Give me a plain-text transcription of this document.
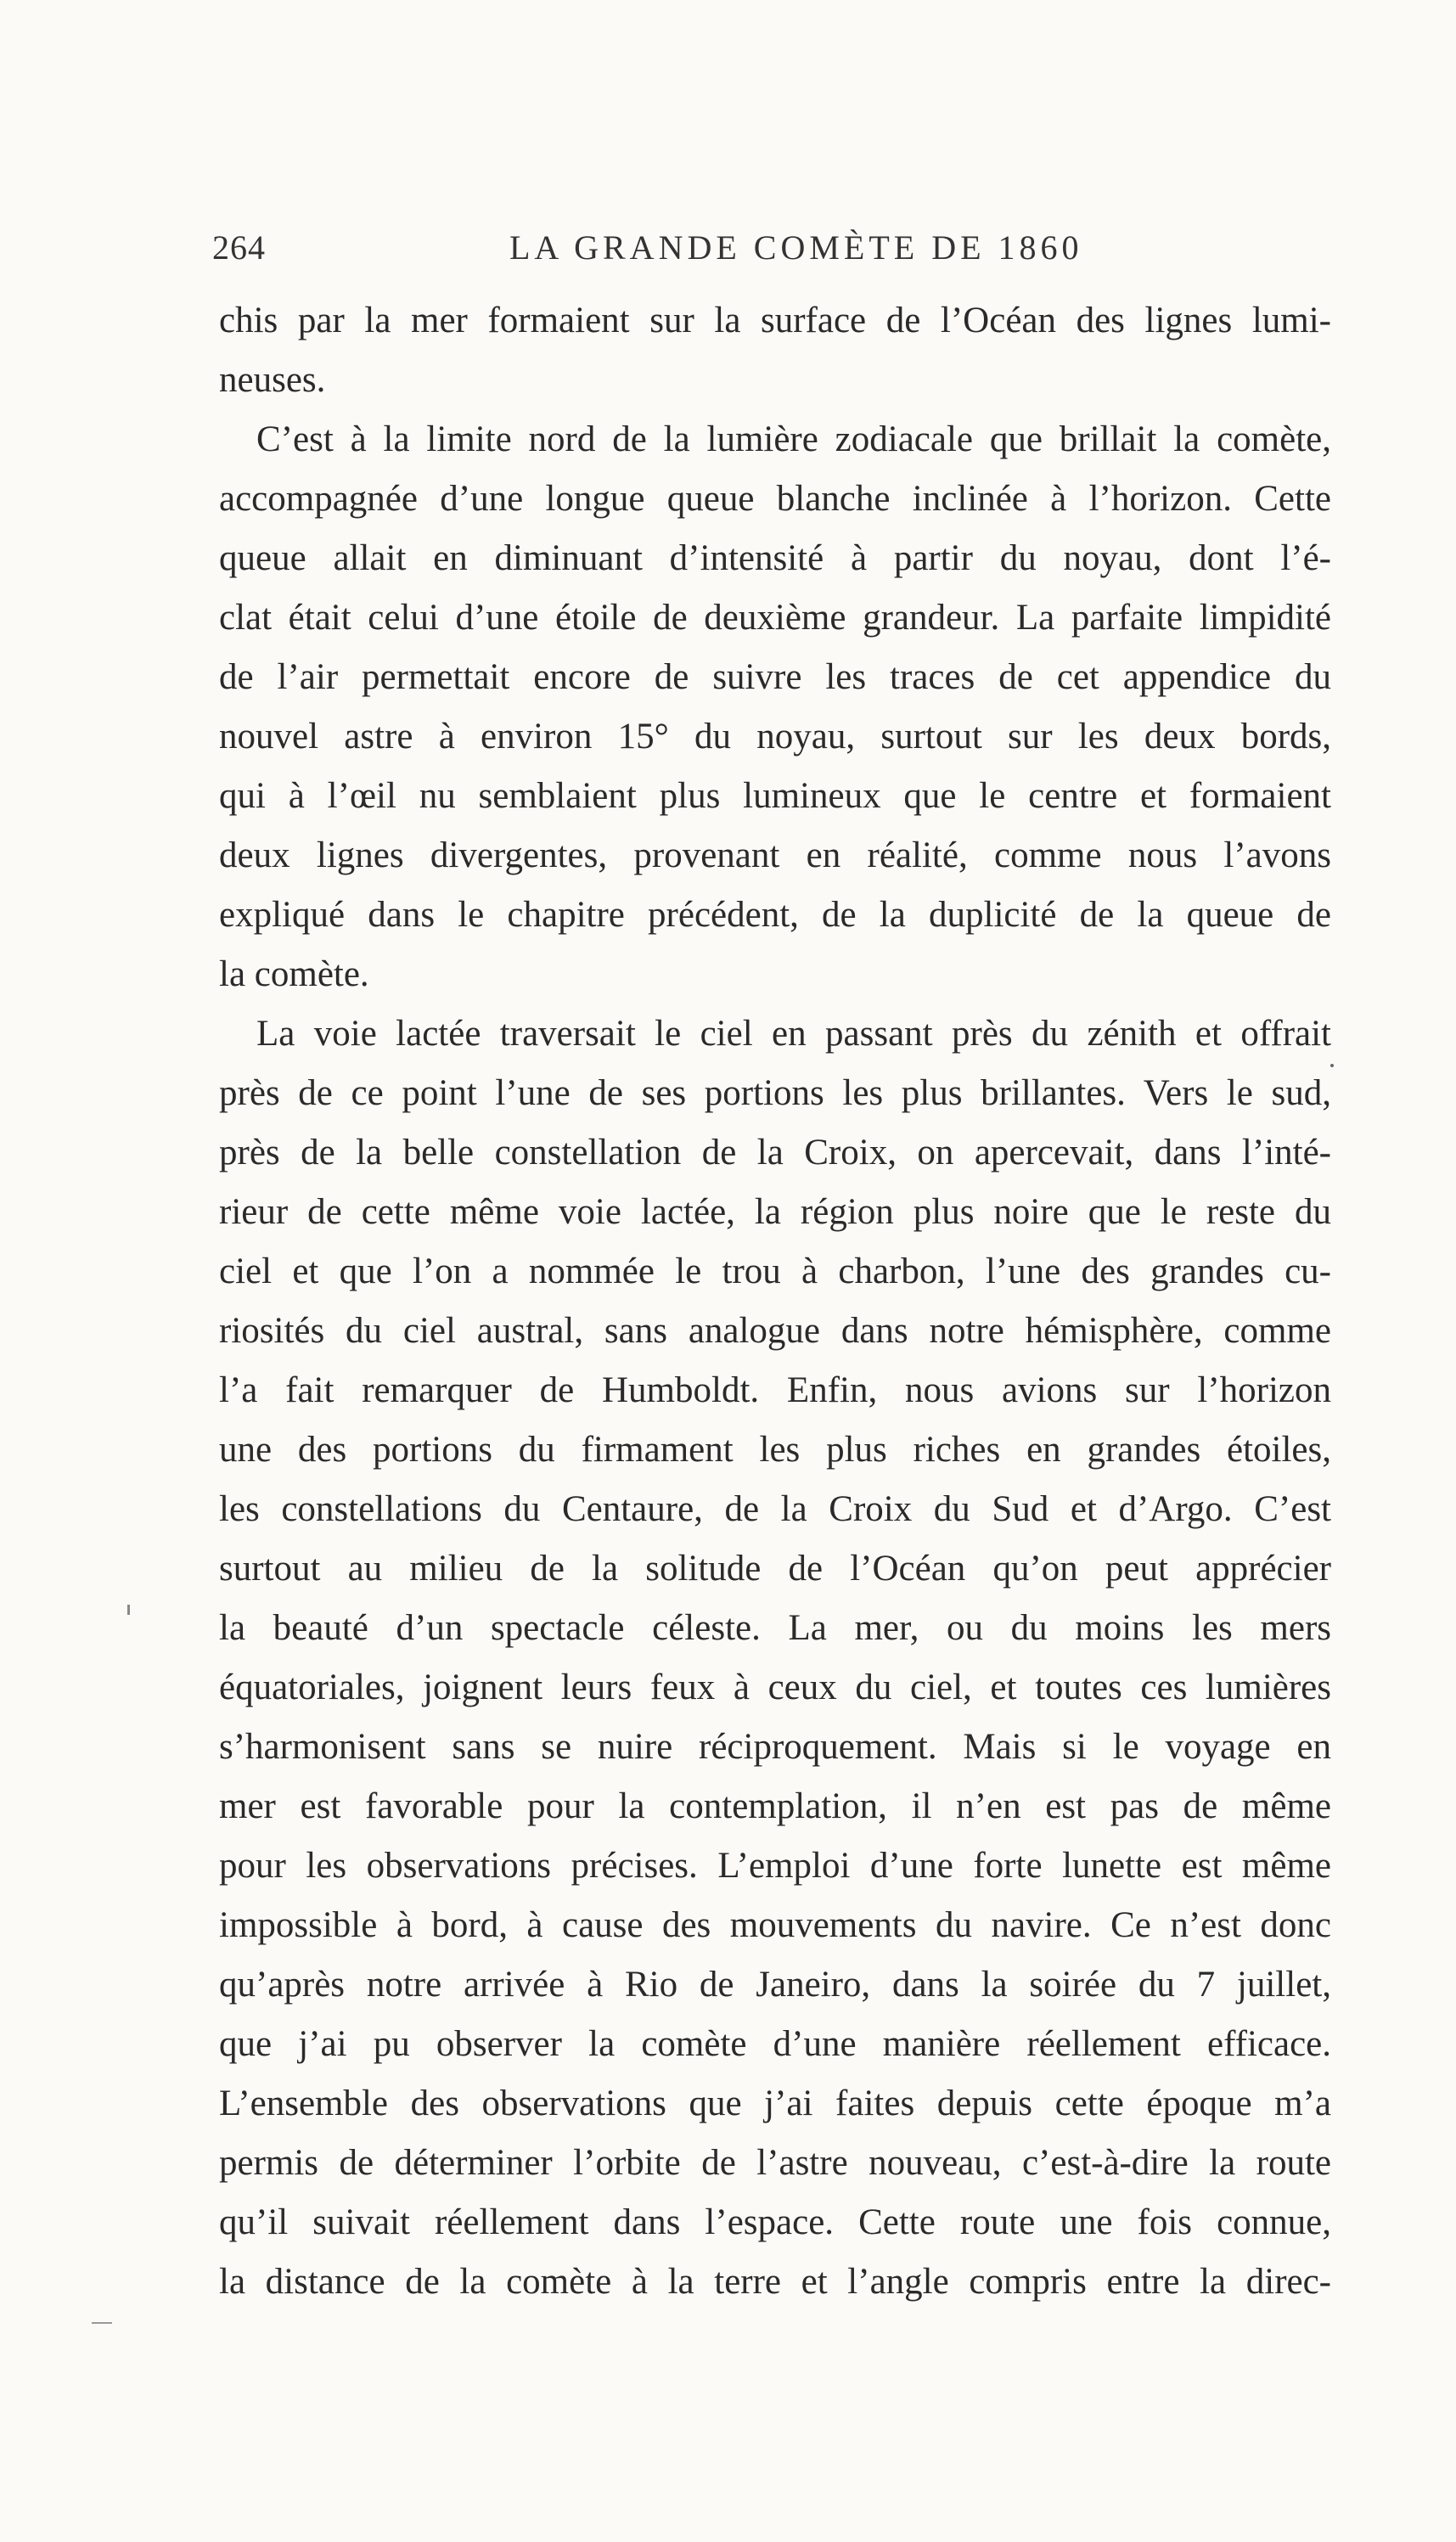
264	LA GRANDE COMÈTE DE 1860
chis par la mer formaient sur la surface de l’Océan des lignes lumi-
neuses.
C’est à la limite nord de la lumière zodiacale que brillait la comète,
accompagnée d’une longue queue blanche inclinée à l’horizon. Cette
queue allait en diminuant d’intensité à partir du noyau, dont l’é-
clat était celui d’une étoile de deuxième grandeur. La parfaite limpidité
de l’air permettait encore de suivre les traces de cet appendice du
nouvel astre à environ 15° du noyau, surtout sur les deux bords,
qui à l’œil nu semblaient plus lumineux que le centre et formaient
deux lignes divergentes, provenant en réalité, comme nous l’avons
expliqué dans le chapitre précédent, de la duplicité de la queue de
la comète.
La voie lactée traversait le ciel en passant près du zénith et offrait
près de ce point l’une de ses portions les plus brillantes. Vers le sud,
près de la belle constellation de la Croix, on apercevait, dans l’inté-
rieur de cette même voie lactée, la région plus noire que le reste du
ciel et que l’on a nommée le trou à charbon, l’une des grandes cu-
riosités du ciel austral, sans analogue dans notre hémisphère, comme
l’a fait remarquer de Humboldt. Enfin, nous avions sur l’horizon
une des portions du firmament les plus riches en grandes étoiles,
les constellations du Centaure, de la Croix du Sud et d’Argo. C’est
surtout au milieu de la solitude de l’Océan qu’on peut apprécier
la beauté d’un spectacle céleste. La mer, ou du moins les mers
équatoriales, joignent leurs feux à ceux du ciel, et toutes ces lumières
s’harmonisent sans se nuire réciproquement. Mais si le voyage en
mer est favorable pour la contemplation, il n’en est pas de même
pour les observations précises. L’emploi d’une forte lunette est même
impossible à bord, à cause des mouvements du navire. Ce n’est donc
qu’après notre arrivée à Rio de Janeiro, dans la soirée du 7 juillet,
que j’ai pu observer la comète d’une manière réellement efficace.
L’ensemble des observations que j’ai faites depuis cette époque m’a
permis de déterminer l’orbite de l’astre nouveau, c’est-à-dire la route
qu’il suivait réellement dans l’espace. Cette route une fois connue,
la distance de la comète à la terre et l’angle compris entre la direc-
